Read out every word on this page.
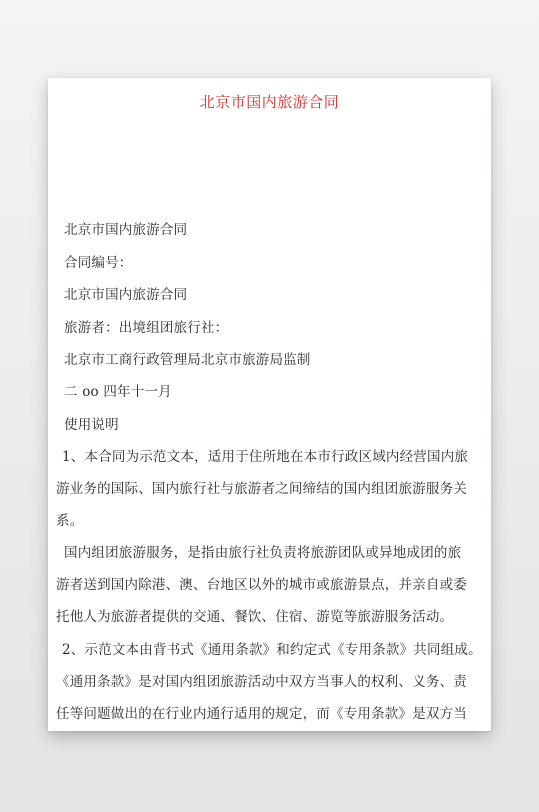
北京市国内旅游合同
北京市国内旅游合同
合同编号：
北京市国内旅游合同
旅游者：出境组团旅行社：
北京市工商行政管理局北京市旅游局监制
二 oo 四年十一月
使用说明
1、本合同为示范文本，适用于住所地在本市行政区域内经营国内旅
游业务的国际、国内旅行社与旅游者之间缔结的国内组团旅游服务关
系。
国内组团旅游服务，是指由旅行社负责将旅游团队或异地成团的旅
游者送到国内除港、澳、台地区以外的城市或旅游景点，并亲自或委
托他人为旅游者提供的交通、餐饮、住宿、游览等旅游服务活动。
2、示范文本由背书式《通用条款》和约定式《专用条款》共同组成。
《通用条款》是对国内组团旅游活动中双方当事人的权利、义务、责
任等问题做出的在行业内通行适用的规定，而《专用条款》是双方当
